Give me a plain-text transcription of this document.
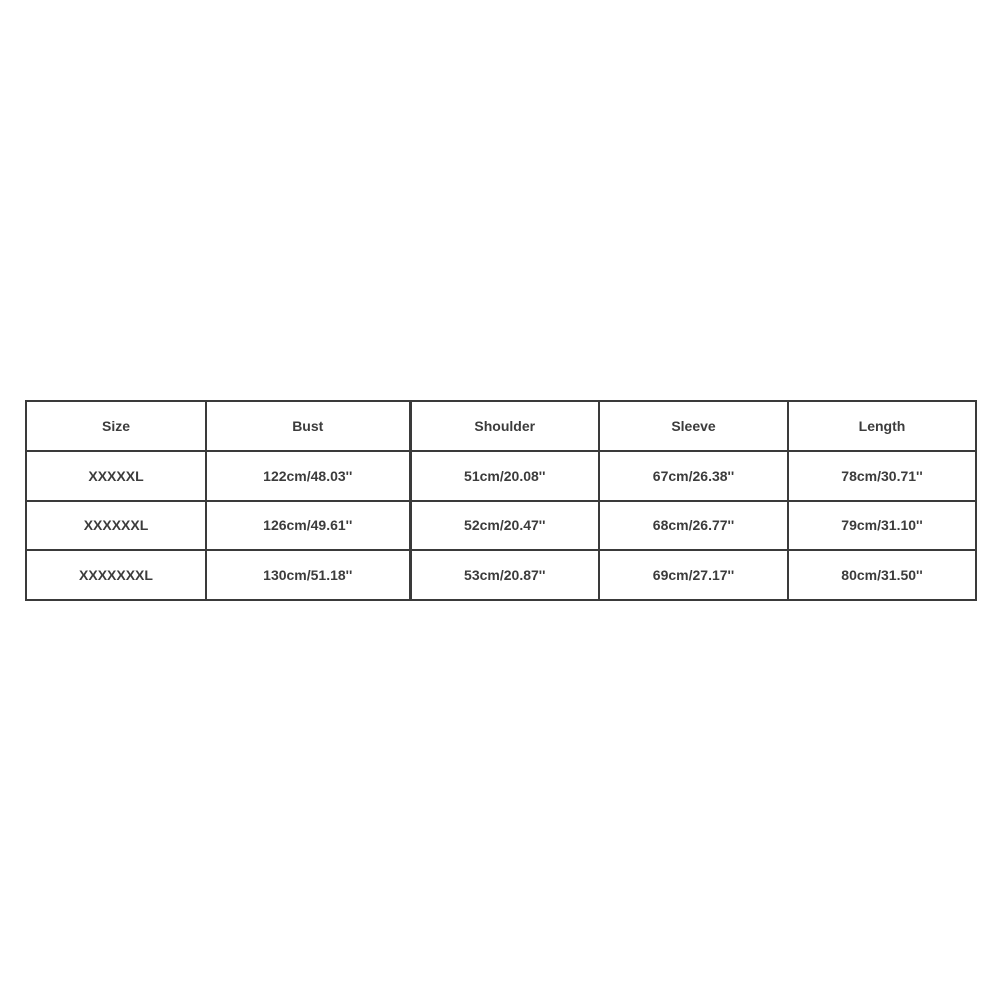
Size	Bust	Shoulder	Sleeve	Length
XXXXXL	122cm/48.03''	51cm/20.08''	67cm/26.38''	78cm/30.71''
XXXXXXL	126cm/49.61''	52cm/20.47''	68cm/26.77''	79cm/31.10''
XXXXXXXL	130cm/51.18''	53cm/20.87''	69cm/27.17''	80cm/31.50''
